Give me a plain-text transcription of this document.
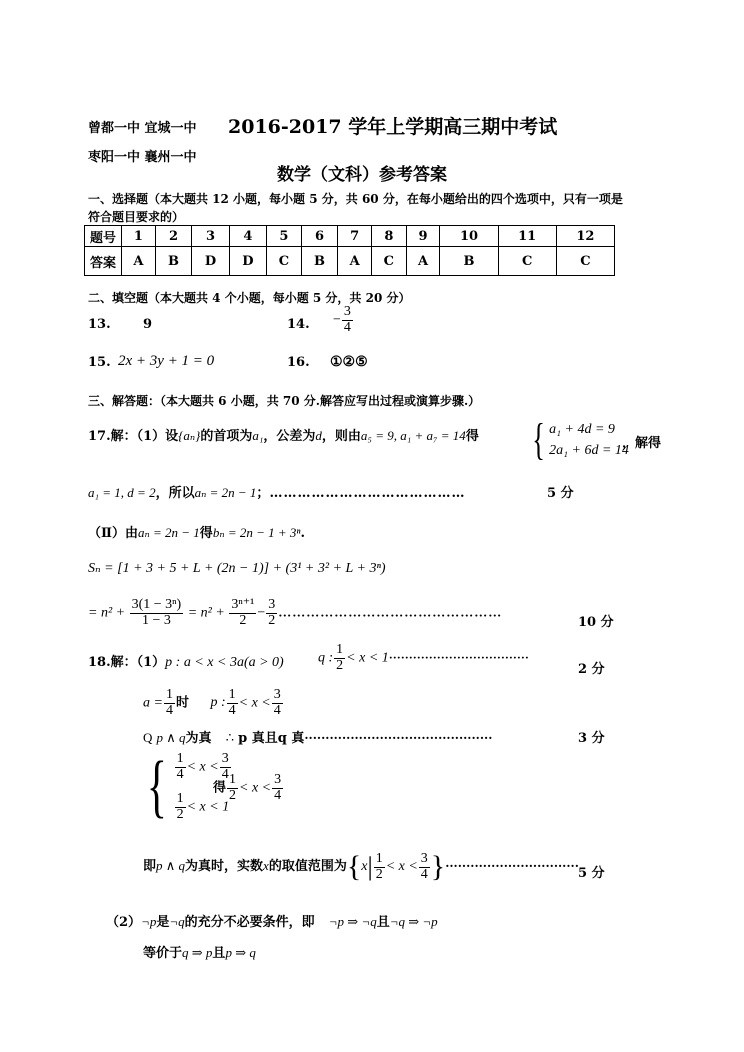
曾都一中 宜城一中 2016-2017 学年上学期高三期中考试
枣阳一中 襄州一中
数学（文科）参考答案
一、选择题（本大题共 12 小题，每小题 5 分，共 60 分，在每小题给出的四个选项中，只有一项是
符合题目要求的）
题号	1	2	3	4	5	6	7	8	9	10	11	12
答案	A	B	D	D	C	B	A	C	A	B	C	C
二、填空题（本大题共 4 个小题，每小题 5 分，共 20 分）
13. 9	14. − $\frac{3}{4}$
15. 2x + 3y + 1 = 0	16. ①②⑤
三、解答题：（本大题共 6 小题，共 70 分.解答应写出过程或演算步骤.）
17.解：（1）设{aₙ}的首项为a₁，公差为d，则由a₅ = 9, a₁ + a₇ = 14得 { a₁ + 4d = 9
2a₁ + 6d = 14
，解得
a₁ = 1, d = 2，所以aₙ = 2n − 1；……………………………………	5 分
（Ⅱ）由aₙ = 2n − 1得bₙ = 2n − 1 + 3ⁿ.
Sₙ = [1 + 3 + 5 + L + (2n − 1)] + (3¹ + 3² + L + 3ⁿ)
= $n^2 + \frac{\text{3(1 − 3ⁿ)}}{1 - 3} = n^2 + \frac{\text{3ⁿ⁺¹}}{2} - \frac{3}{2}$ …………………………………………
10 分
18.解：（1）p : a < x < 3a(a > 0) q : $\frac{1}{2} < x < 1\cdot\cdot\cdot\cdot\cdot\cdot\cdot\cdot\cdot\cdot\cdot\cdot\cdot\cdot\cdot\cdot\cdot\cdot\cdot\cdot\cdot\cdot\cdot\cdot\cdot\cdot\cdot\cdot\cdot\cdot\cdot\cdot\cdot\cdot\cdot$
2 分
$a = \frac{1}{4}$ 时 p : $\frac{1}{4} < x < \frac{3}{4}$
Q p ∧ q为真 ∴ p 真且q 真·············································	3 分
{ $\frac{1}{4} < x < \frac{3}{4}$
$\frac{1}{2} < x < 1$
得 $\frac{1}{2} < x < \frac{3}{4}$
即p ∧ q为真时，实数x的取值范围为{$x| \frac{1}{2} < x < \frac{3}{4}$ }································ 5 分
（2）¬p是¬q的充分不必要条件，即 ¬p ⇒ ¬q且¬q ⇒ ¬p
等价于q ⇒ p且p ⇒ q
